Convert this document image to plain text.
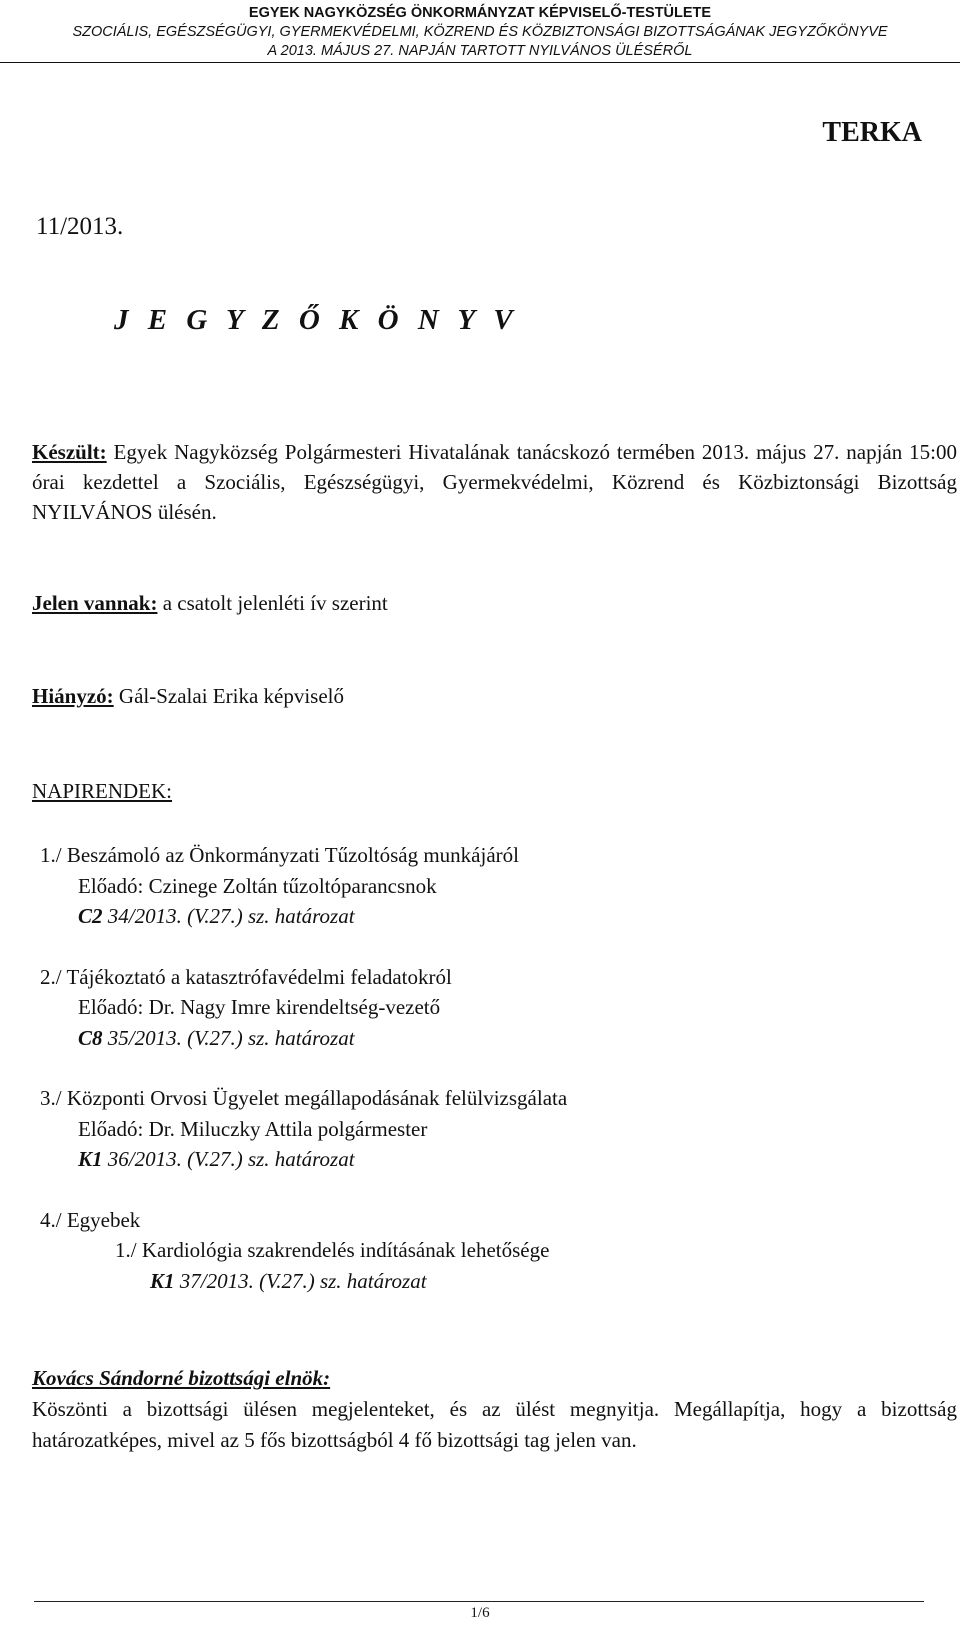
EGYEK NAGYKÖZSÉG ÖNKORMÁNYZAT KÉPVISELŐ-TESTÜLETE
SZOCIÁLIS, EGÉSZSÉGÜGYI, GYERMEKVÉDELMI, KÖZREND ÉS KÖZBIZTONSÁGI BIZOTTSÁGÁNAK JEGYZŐKÖNYVE
A 2013. MÁJUS 27. NAPJÁN TARTOTT NYILVÁNOS ÜLÉSÉRŐL
TERKA
11/2013.
J E G Y Z Ő K Ö N Y V
Készült: Egyek Nagyközség Polgármesteri Hivatalának tanácskozó termében 2013. május 27. napján 15:00 órai kezdettel a Szociális, Egészségügyi, Gyermekvédelmi, Közrend és Közbiztonsági Bizottság NYILVÁNOS ülésén.
Jelen vannak: a csatolt jelenléti ív szerint
Hiányzó: Gál-Szalai Erika képviselő
NAPIRENDEK:
1./ Beszámoló az Önkormányzati Tűzoltóság munkájáról
Előadó: Czinege Zoltán tűzoltóparancsnok
C2 34/2013. (V.27.) sz. határozat
2./ Tájékoztató a katasztrófavédelmi feladatokról
Előadó: Dr. Nagy Imre kirendeltség-vezető
C8 35/2013. (V.27.) sz. határozat
3./ Központi Orvosi Ügyelet megállapodásának felülvizsgálata
Előadó: Dr. Miluczky Attila polgármester
K1 36/2013. (V.27.) sz. határozat
4./ Egyebek
1./ Kardiológia szakrendelés indításának lehetősége
K1 37/2013. (V.27.) sz. határozat
Kovács Sándorné bizottsági elnök:
Köszönti a bizottsági ülésen megjelenteket, és az ülést megnyitja. Megállapítja, hogy a bizottság határozatképes, mivel az 5 fős bizottságból 4 fő bizottsági tag jelen van.
1/6
